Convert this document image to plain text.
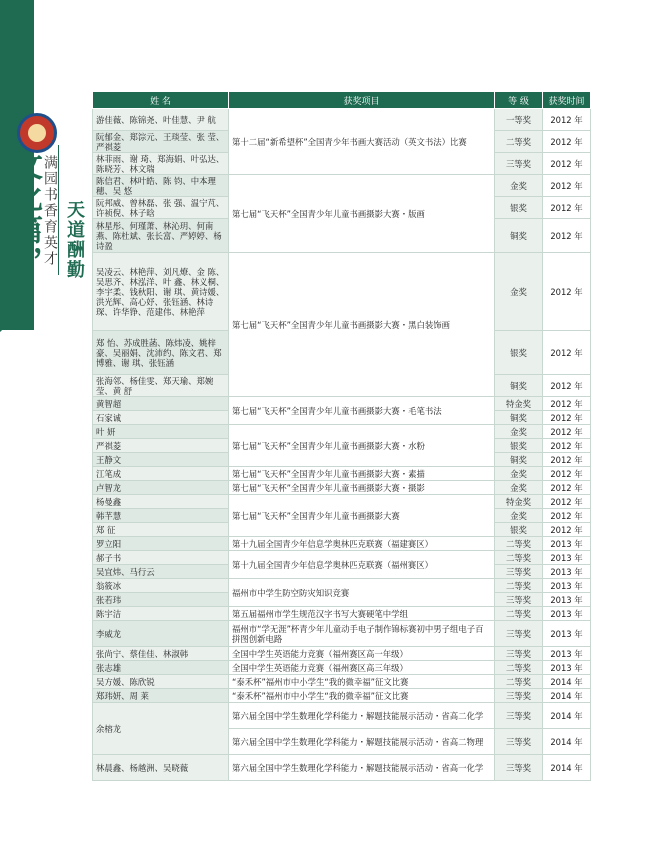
文化篇， 满园书香育英才 天道酬勤
姓 名	获奖项目	等 级	获奖时间
游佳薇、陈锦尧、叶佳慧、尹 航	第十二届“新希望杯”全国青少年书画大赛活动（英文书法）比赛	一等奖	2012 年
阮郁金、郑淙元、王琰莹、张 莹、严祺菱		二等奖	2012 年
林菲雨、谢 琦、郑海娟、叶弘达、陈晓芳、林文瑞		三等奖	2012 年
陈信君、林叶皓、陈 钧、中本理穗、吴 悠	第七届“飞天杯”全国青少年儿童书画摄影大赛・版画	金奖	2012 年
阮邦威、曾林磊、张 强、温宁芃、许祯倪、林子晗		银奖	2012 年
林星彤、何瑾萧、林沁玥、何南燕、陈杜斌、张长富、严婷婷、杨诗盈		铜奖	2012 年
吴凌云、林艳萍、刘凡燎、金 陈、吴思齐、林泓洋、叶 鑫、林义桐、李宇柔、钱秋阳、谢 琪、黄诗媛、洪光辉、高心妤、张钰涵、林诗琛、许华铮、范建伟、林艳萍	第七届“飞天杯”全国青少年儿童书画摄影大赛・黑白装饰画	金奖	2012 年
郑 怡、苏成胜菡、陈炜凌、姚梓豪、吴丽娟、沈沛约、陈文君、郑博雅、谢 琪、张钰涵		银奖	2012 年
张海邻、杨佳雯、郑天瑜、郑婉莹、黄 舒		铜奖	2012 年
黄智超	第七届“飞天杯”全国青少年儿童书画摄影大赛・毛笔书法	特金奖	2012 年
石家诚		铜奖	2012 年
叶 妍	第七届“飞天杯”全国青少年儿童书画摄影大赛・水粉	金奖	2012 年
严祺菱		银奖	2012 年
王静文		铜奖	2012 年
江笔成	第七届“飞天杯”全国青少年儿童书画摄影大赛・素描	金奖	2012 年
卢智龙	第七届“飞天杯”全国青少年儿童书画摄影大赛・摄影	金奖	2012 年
杨曼鑫	第七届“飞天杯”全国青少年儿童书画摄影大赛	特金奖	2012 年
韩芊慧		金奖	2012 年
郑 征		银奖	2012 年
罗立阳	第十九届全国青少年信息学奥林匹克联赛（福建赛区）	二等奖	2013 年
郝子书	第十九届全国青少年信息学奥林匹克联赛（福州赛区）	二等奖	2013 年
吴宜炜、马行云		三等奖	2013 年
翁筱冰	福州市中学生防空防灾知识竞赛	二等奖	2013 年
张若玮		三等奖	2013 年
陈宇洁	第五届福州市学生规范汉字书写大赛硬笔中学组	二等奖	2013 年
李威龙	福州市“学无涯”杯青少年儿童动手电子制作锦标赛初中男子组电子百拼图创新电路	三等奖	2013 年
张尚宁、蔡佳佳、林淑韩	全国中学生英语能力竞赛（福州赛区高一年级）	三等奖	2013 年
张志雄	全国中学生英语能力竞赛（福州赛区高三年级）	二等奖	2013 年
吴方媛、陈欣锐	“泰禾杯”福州市中小学生“我的微幸福”征文比赛	二等奖	2014 年
郑玮妍、周 莱	“泰禾杯”福州市中小学生“我的微幸福”征文比赛	三等奖	2014 年
余榕龙	第六届全国中学生数理化学科能力・解题技能展示活动・省高二化学	三等奖	2014 年
	第六届全国中学生数理化学科能力・解题技能展示活动・省高二物理	三等奖	2014 年
林晨鑫、杨越洲、吴晓薇	第六届全国中学生数理化学科能力・解题技能展示活动・省高一化学	三等奖	2014 年
